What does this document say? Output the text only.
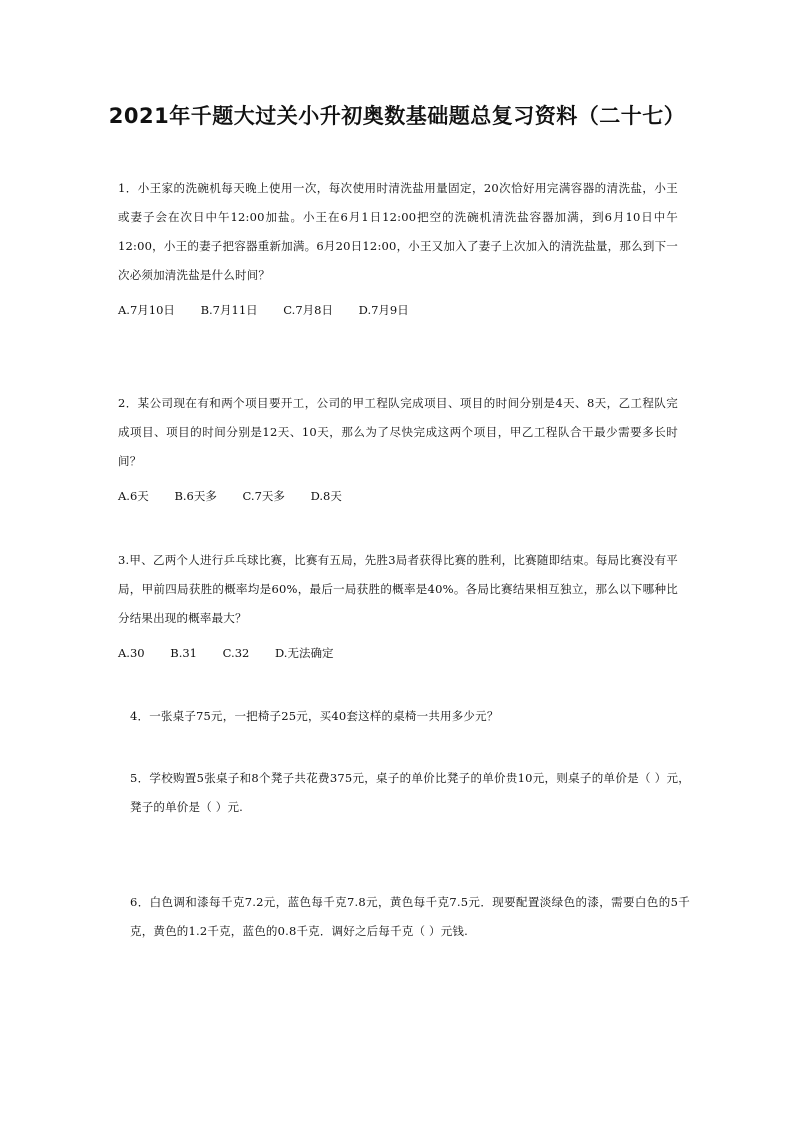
2021年千题大过关小升初奥数基础题总复习资料（二十七）

1．小王家的洗碗机每天晚上使用一次，每次使用时清洗盐用量固定，20次恰好用完满容器的清洗盐，小王或妻子会在次日中午12:00加盐。小王在6月1日12:00把空的洗碗机清洗盐容器加满，到6月10日中午12:00，小王的妻子把容器重新加满。6月20日12:00，小王又加入了妻子上次加入的清洗盐量，那么到下一次必须加清洗盐是什么时间？

A.7月10日 B.7月11日 C.7月8日 D.7月9日

2．某公司现在有和两个项目要开工，公司的甲工程队完成项目、项目的时间分别是4天、8天，乙工程队完成项目、项目的时间分别是12天、10天，那么为了尽快完成这两个项目，甲乙工程队合干最少需要多长时间？

A.6天 B.6天多 C.7天多 D.8天

3.甲、乙两个人进行乒乓球比赛，比赛有五局，先胜3局者获得比赛的胜利，比赛随即结束。每局比赛没有平局，甲前四局获胜的概率均是60%，最后一局获胜的概率是40%。各局比赛结果相互独立，那么以下哪种比分结果出现的概率最大？

A.30 B.31 C.32 D.无法确定

4．一张桌子75元，一把椅子25元，买40套这样的桌椅一共用多少元？

5．学校购置5张桌子和8个凳子共花费375元，桌子的单价比凳子的单价贵10元，则桌子的单价是（ ）元，凳子的单价是（ ）元.

6．白色调和漆每千克7.2元，蓝色每千克7.8元，黄色每千克7.5元．现要配置淡绿色的漆，需要白色的5千克，黄色的1.2千克，蓝色的0.8千克．调好之后每千克（ ）元钱.
